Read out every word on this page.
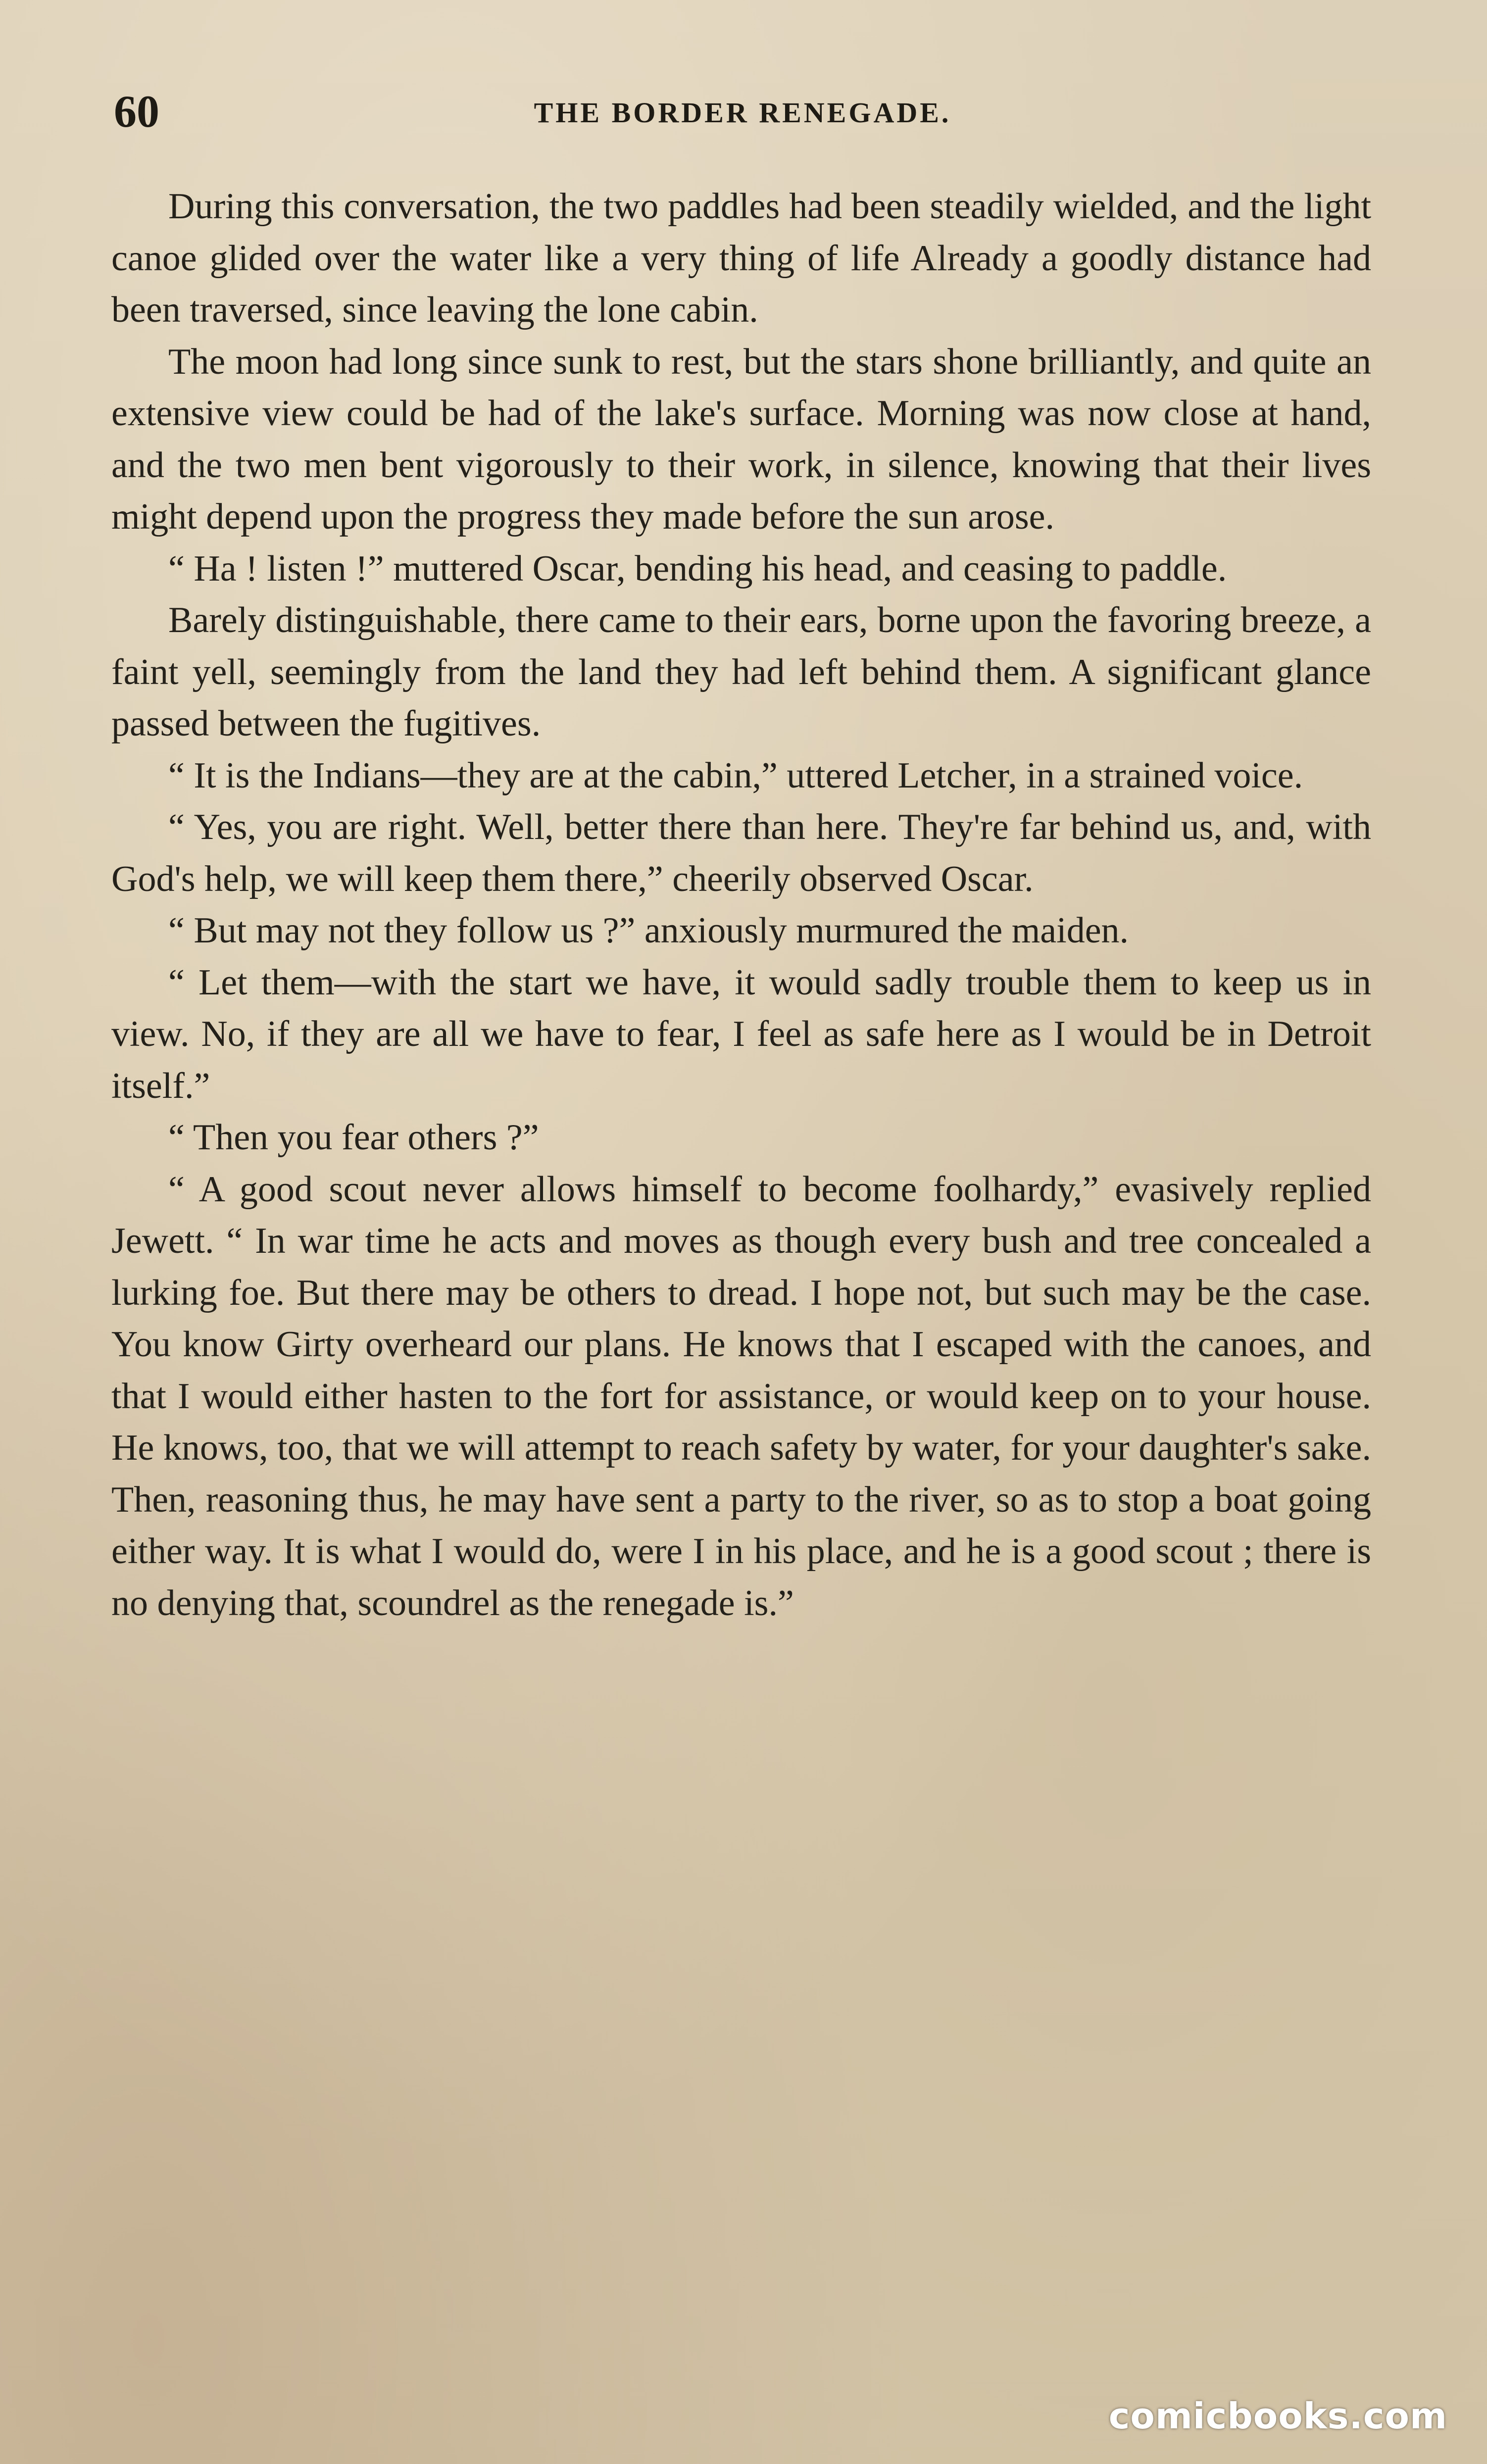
60	THE BORDER RENEGADE.

During this conversation, the two paddles had been steadily wielded, and the light canoe glided over the water like a very thing of life Already a goodly distance had been traversed, since leaving the lone cabin.

The moon had long since sunk to rest, but the stars shone brilliantly, and quite an extensive view could be had of the lake's surface. Morning was now close at hand, and the two men bent vigorously to their work, in silence, knowing that their lives might depend upon the progress they made before the sun arose.

“ Ha ! listen !” muttered Oscar, bending his head, and ceasing to paddle.

Barely distinguishable, there came to their ears, borne upon the favoring breeze, a faint yell, seemingly from the land they had left behind them. A significant glance passed between the fugitives.

“ It is the Indians—they are at the cabin,” uttered Letcher, in a strained voice.

“ Yes, you are right. Well, better there than here. They're far behind us, and, with God's help, we will keep them there,” cheerily observed Oscar.

“ But may not they follow us ?” anxiously murmured the maiden.

“ Let them—with the start we have, it would sadly trouble them to keep us in view. No, if they are all we have to fear, I feel as safe here as I would be in Detroit itself.”

“ Then you fear others ?”

“ A good scout never allows himself to become foolhardy,” evasively replied Jewett. “ In war time he acts and moves as though every bush and tree concealed a lurking foe. But there may be others to dread. I hope not, but such may be the case. You know Girty overheard our plans. He knows that I escaped with the canoes, and that I would either hasten to the fort for assistance, or would keep on to your house. He knows, too, that we will attempt to reach safety by water, for your daughter's sake. Then, reasoning thus, he may have sent a party to the river, so as to stop a boat going either way. It is what I would do, were I in his place, and he is a good scout ; there is no denying that, scoundrel as the renegade is.”

comicbooks.com
